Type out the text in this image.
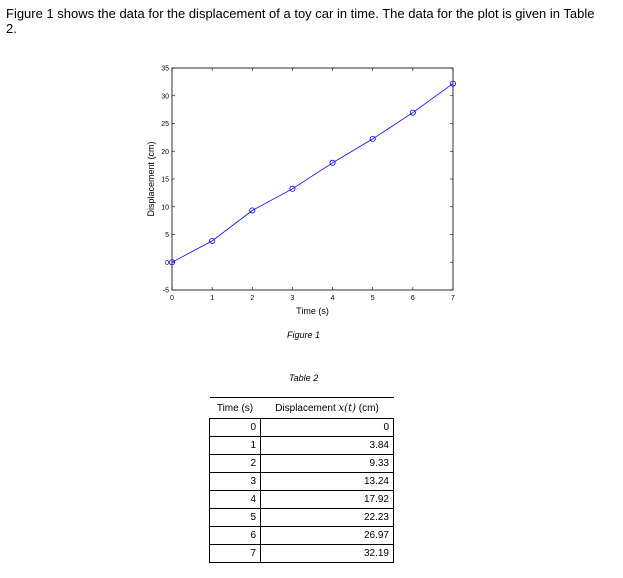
Figure 1 shows the data for the displacement of a toy car in time. The data for the plot is given in Table 2.
0	1	2	3	4	5	6	7
-5
0
5
10
15
20
25
30
35
Time (s)
Displacement (cm)
Figure 1
Table 2
Time (s)	Displacement x(t) (cm)
0	0
1	3.84
2	9.33
3	13.24
4	17.92
5	22.23
6	26.97
7	32.19
